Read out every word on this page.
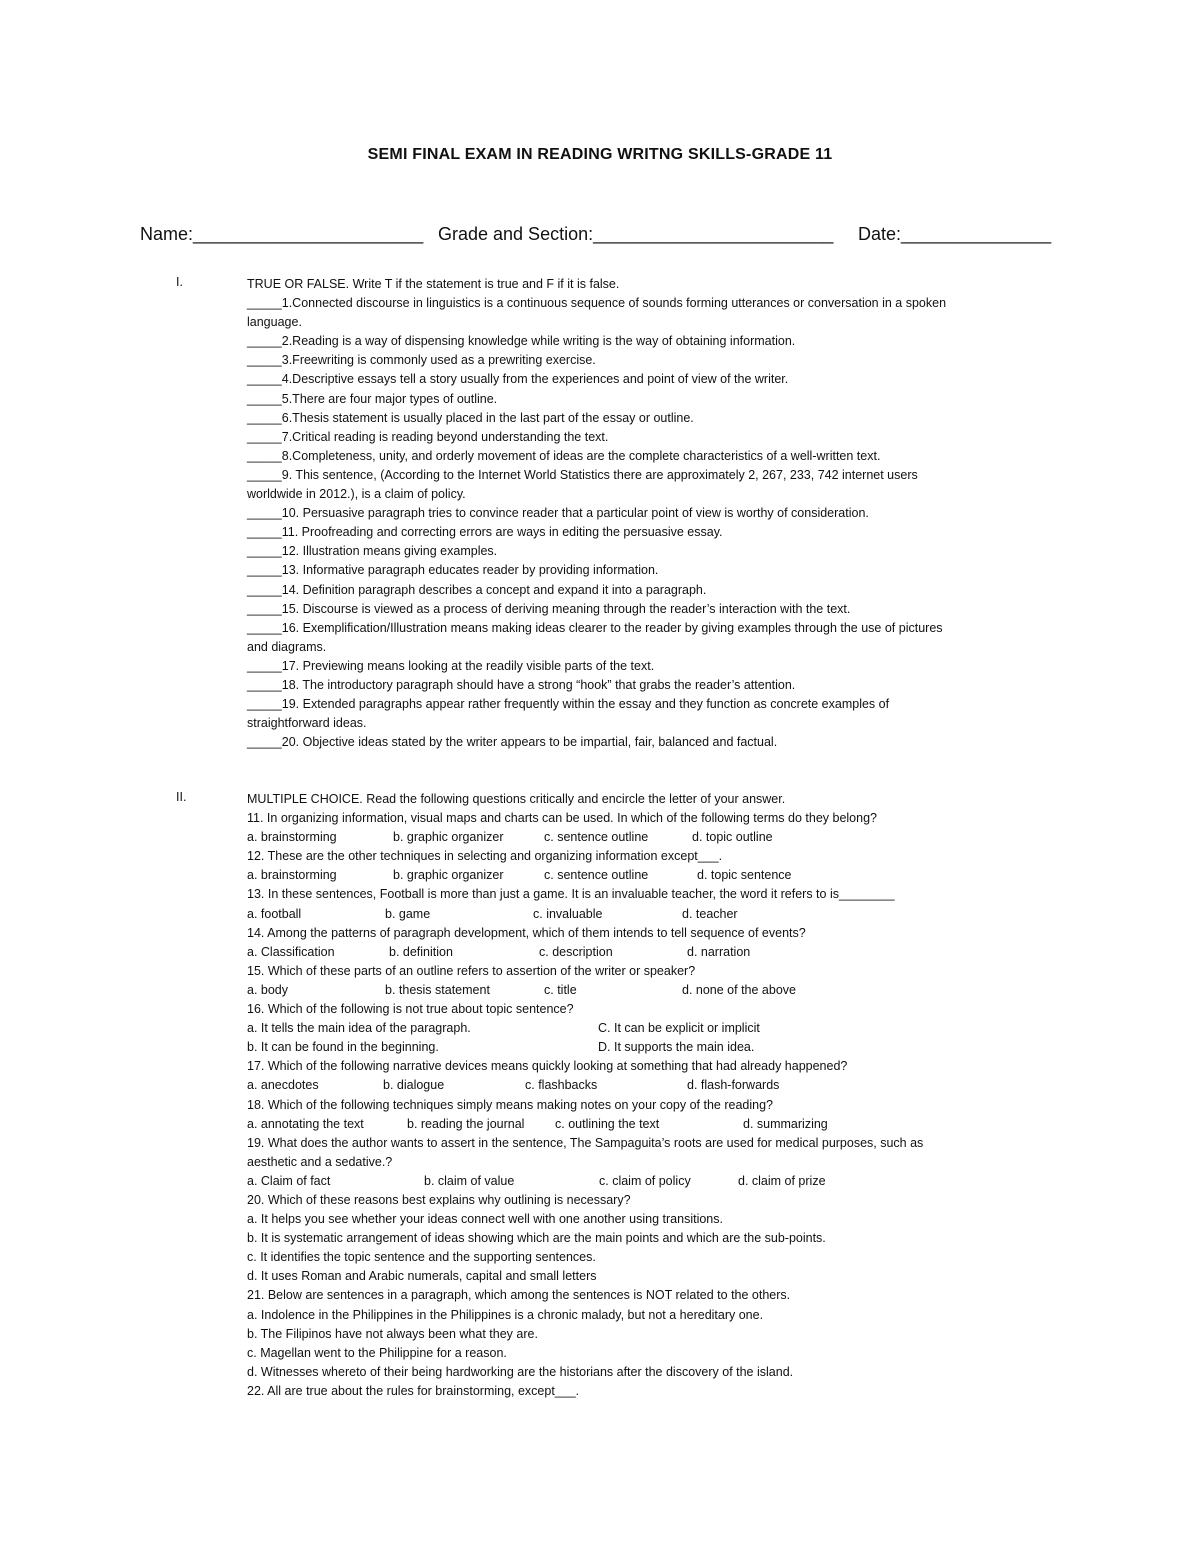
SEMI FINAL EXAM IN READING WRITNG SKILLS-GRADE 11
Name:_______________________ Grade and Section:________________________ Date:_______________
I.	TRUE OR FALSE. Write T if the statement is true and F if it is false.
_____1.Connected discourse in linguistics is a continuous sequence of sounds forming utterances or conversation in a spoken
language.
_____2.Reading is a way of dispensing knowledge while writing is the way of obtaining information.
_____3.Freewriting is commonly used as a prewriting exercise.
_____4.Descriptive essays tell a story usually from the experiences and point of view of the writer.
_____5.There are four major types of outline.
_____6.Thesis statement is usually placed in the last part of the essay or outline.
_____7.Critical reading is reading beyond understanding the text.
_____8.Completeness, unity, and orderly movement of ideas are the complete characteristics of a well-written text.
_____9. This sentence, (According to the Internet World Statistics there are approximately 2, 267, 233, 742 internet users
worldwide in 2012.), is a claim of policy.
_____10. Persuasive paragraph tries to convince reader that a particular point of view is worthy of consideration.
_____11. Proofreading and correcting errors are ways in editing the persuasive essay.
_____12. Illustration means giving examples.
_____13. Informative paragraph educates reader by providing information.
_____14. Definition paragraph describes a concept and expand it into a paragraph.
_____15. Discourse is viewed as a process of deriving meaning through the reader’s interaction with the text.
_____16. Exemplification/Illustration means making ideas clearer to the reader by giving examples through the use of pictures
and diagrams.
_____17. Previewing means looking at the readily visible parts of the text.
_____18. The introductory paragraph should have a strong “hook” that grabs the reader’s attention.
_____19. Extended paragraphs appear rather frequently within the essay and they function as concrete examples of
straightforward ideas.
_____20. Objective ideas stated by the writer appears to be impartial, fair, balanced and factual.
II.	MULTIPLE CHOICE. Read the following questions critically and encircle the letter of your answer.
11. In organizing information, visual maps and charts can be used. In which of the following terms do they belong?
a. brainstorming	b. graphic organizer	c. sentence outline	d. topic outline
12. These are the other techniques in selecting and organizing information except___.
a. brainstorming	b. graphic organizer	c. sentence outline	d. topic sentence
13. In these sentences, Football is more than just a game. It is an invaluable teacher, the word it refers to is________
a. football	b. game	c. invaluable	d. teacher
14. Among the patterns of paragraph development, which of them intends to tell sequence of events?
a. Classification	b. definition	c. description	d. narration
15. Which of these parts of an outline refers to assertion of the writer or speaker?
a. body	b. thesis statement	c. title	d. none of the above
16. Which of the following is not true about topic sentence?
a. It tells the main idea of the paragraph.	C. It can be explicit or implicit
b. It can be found in the beginning.	D. It supports the main idea.
17. Which of the following narrative devices means quickly looking at something that had already happened?
a. anecdotes	b. dialogue	c. flashbacks	d. flash-forwards
18. Which of the following techniques simply means making notes on your copy of the reading?
a. annotating the text	b. reading the journal c. outlining the text	d. summarizing
19. What does the author wants to assert in the sentence, The Sampaguita’s roots are used for medical purposes, such as
aesthetic and a sedative.?
a. Claim of fact	b. claim of value	c. claim of policy	d. claim of prize
20. Which of these reasons best explains why outlining is necessary?
a. It helps you see whether your ideas connect well with one another using transitions.
b. It is systematic arrangement of ideas showing which are the main points and which are the sub-points.
c. It identifies the topic sentence and the supporting sentences.
d. It uses Roman and Arabic numerals, capital and small letters
21. Below are sentences in a paragraph, which among the sentences is NOT related to the others.
a. Indolence in the Philippines in the Philippines is a chronic malady, but not a hereditary one.
b. The Filipinos have not always been what they are.
c. Magellan went to the Philippine for a reason.
d. Witnesses whereto of their being hardworking are the historians after the discovery of the island.
22. All are true about the rules for brainstorming, except___.
